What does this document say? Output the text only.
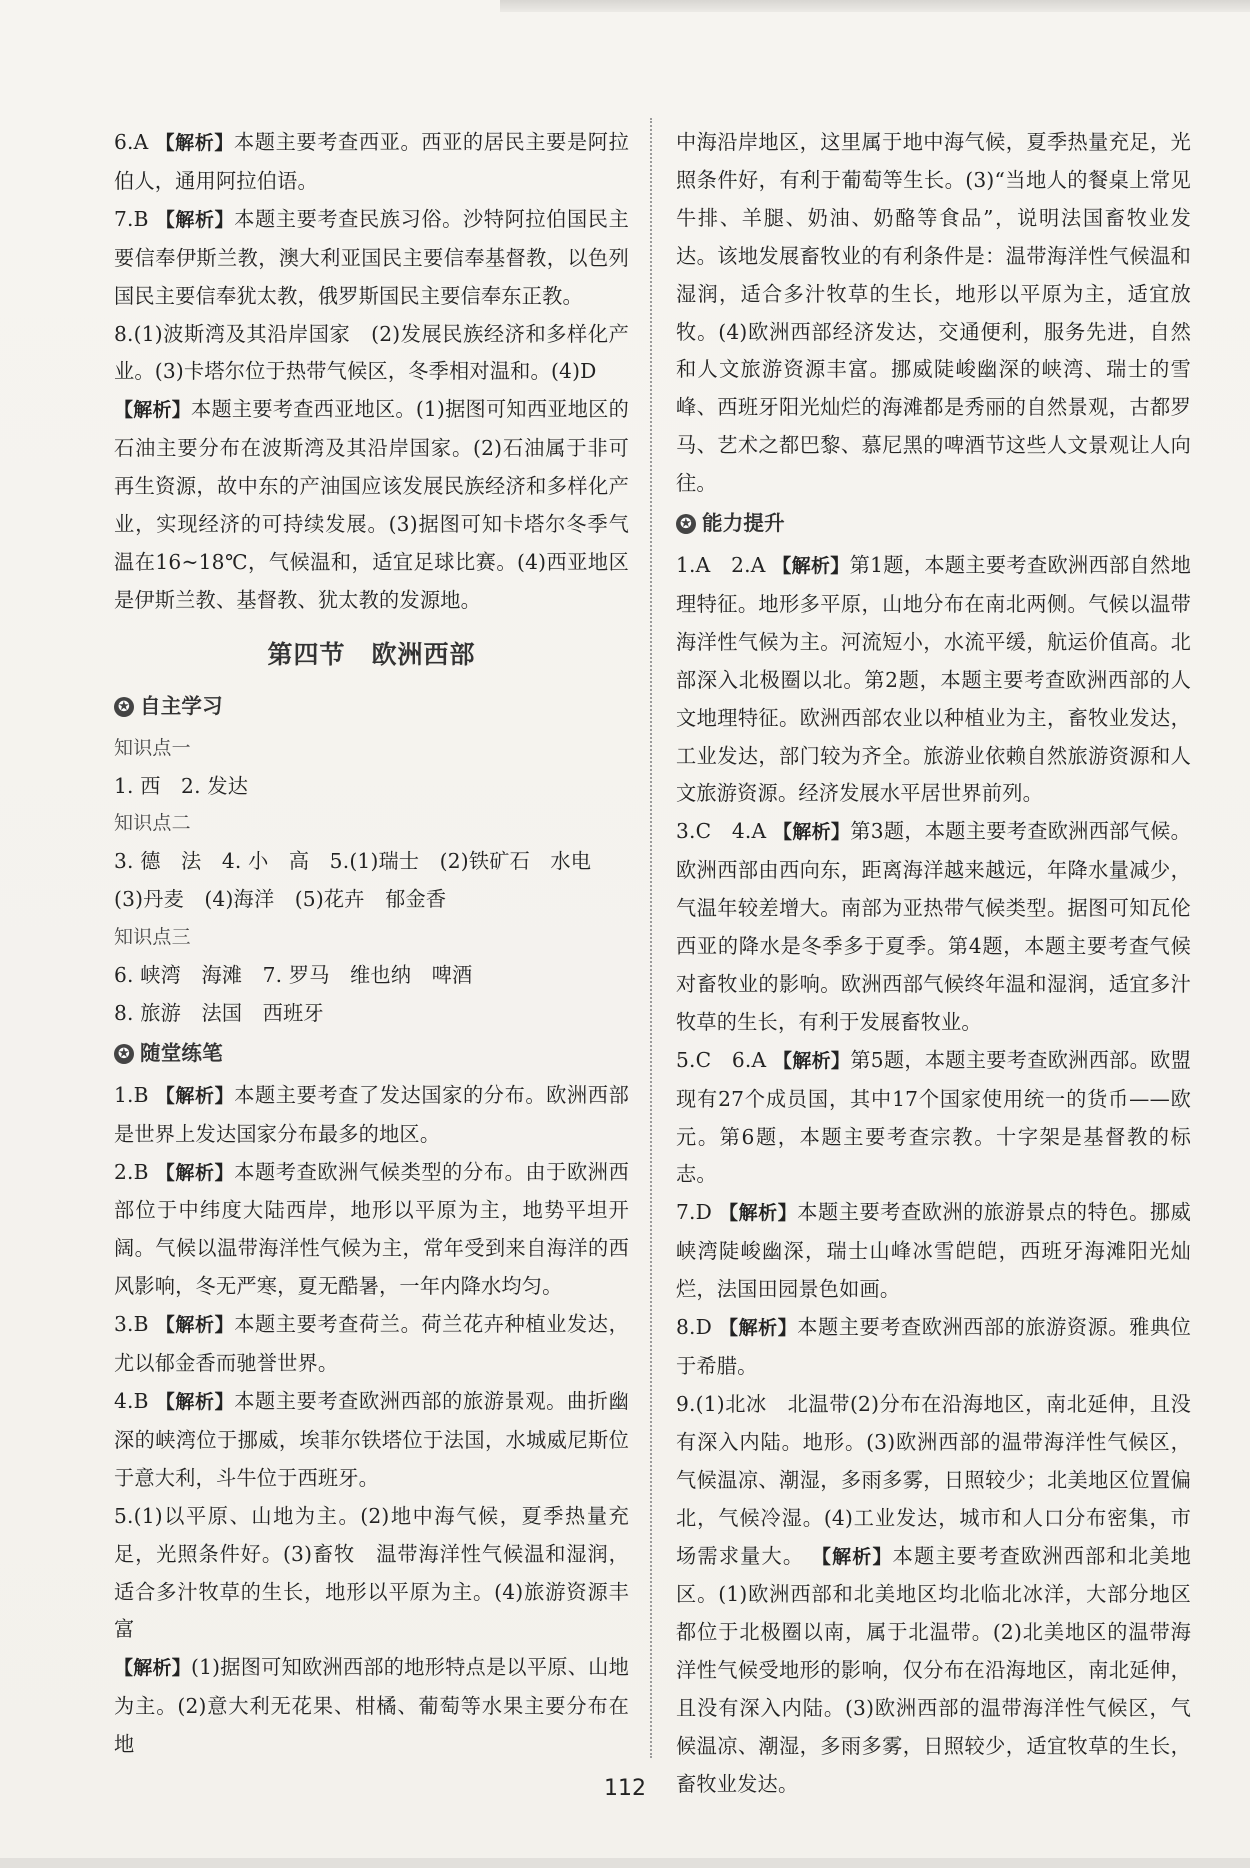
6.A 【解析】本题主要考查西亚。西亚的居民主要是阿拉伯人，通用阿拉伯语。

7.B 【解析】本题主要考查民族习俗。沙特阿拉伯国民主要信奉伊斯兰教，澳大利亚国民主要信奉基督教，以色列国民主要信奉犹太教，俄罗斯国民主要信奉东正教。

8.(1)波斯湾及其沿岸国家　(2)发展民族经济和多样化产业。(3)卡塔尔位于热带气候区，冬季相对温和。(4)D

【解析】本题主要考查西亚地区。(1)据图可知西亚地区的石油主要分布在波斯湾及其沿岸国家。(2)石油属于非可再生资源，故中东的产油国应该发展民族经济和多样化产业，实现经济的可持续发展。(3)据图可知卡塔尔冬季气温在16~18℃，气候温和，适宜足球比赛。(4)西亚地区是伊斯兰教、基督教、犹太教的发源地。

第四节　欧洲西部
✪ 自主学习

知识点一

1. 西　2. 发达

知识点二

3. 德　法　4. 小　高　5.(1)瑞士　(2)铁矿石　水电

(3)丹麦　(4)海洋　(5)花卉　郁金香

知识点三

6. 峡湾　海滩　7. 罗马　维也纳　啤酒

8. 旅游　法国　西班牙

✪ 随堂练笔

1.B 【解析】本题主要考查了发达国家的分布。欧洲西部是世界上发达国家分布最多的地区。

2.B 【解析】本题考查欧洲气候类型的分布。由于欧洲西部位于中纬度大陆西岸，地形以平原为主，地势平坦开阔。气候以温带海洋性气候为主，常年受到来自海洋的西风影响，冬无严寒，夏无酷暑，一年内降水均匀。

3.B 【解析】本题主要考查荷兰。荷兰花卉种植业发达，尤以郁金香而驰誉世界。

4.B 【解析】本题主要考查欧洲西部的旅游景观。曲折幽深的峡湾位于挪威，埃菲尔铁塔位于法国，水城威尼斯位于意大利，斗牛位于西班牙。

5.(1)以平原、山地为主。(2)地中海气候，夏季热量充足，光照条件好。(3)畜牧　温带海洋性气候温和湿润，适合多汁牧草的生长，地形以平原为主。(4)旅游资源丰富

【解析】(1)据图可知欧洲西部的地形特点是以平原、山地为主。(2)意大利无花果、柑橘、葡萄等水果主要分布在地

中海沿岸地区，这里属于地中海气候，夏季热量充足，光照条件好，有利于葡萄等生长。(3)“当地人的餐桌上常见牛排、羊腿、奶油、奶酪等食品”，说明法国畜牧业发达。该地发展畜牧业的有利条件是：温带海洋性气候温和湿润，适合多汁牧草的生长，地形以平原为主，适宜放牧。(4)欧洲西部经济发达，交通便利，服务先进，自然和人文旅游资源丰富。挪威陡峻幽深的峡湾、瑞士的雪峰、西班牙阳光灿烂的海滩都是秀丽的自然景观，古都罗马、艺术之都巴黎、慕尼黑的啤酒节这些人文景观让人向往。

✪ 能力提升

1.A　2.A 【解析】第1题，本题主要考查欧洲西部自然地理特征。地形多平原，山地分布在南北两侧。气候以温带海洋性气候为主。河流短小，水流平缓，航运价值高。北部深入北极圈以北。第2题，本题主要考查欧洲西部的人文地理特征。欧洲西部农业以种植业为主，畜牧业发达，工业发达，部门较为齐全。旅游业依赖自然旅游资源和人文旅游资源。经济发展水平居世界前列。

3.C　4.A 【解析】第3题，本题主要考查欧洲西部气候。欧洲西部由西向东，距离海洋越来越远，年降水量减少，气温年较差增大。南部为亚热带气候类型。据图可知瓦伦西亚的降水是冬季多于夏季。第4题，本题主要考查气候对畜牧业的影响。欧洲西部气候终年温和湿润，适宜多汁牧草的生长，有利于发展畜牧业。

5.C　6.A 【解析】第5题，本题主要考查欧洲西部。欧盟现有27个成员国，其中17个国家使用统一的货币——欧元。第6题，本题主要考查宗教。十字架是基督教的标志。

7.D 【解析】本题主要考查欧洲的旅游景点的特色。挪威峡湾陡峻幽深，瑞士山峰冰雪皑皑，西班牙海滩阳光灿烂，法国田园景色如画。

8.D 【解析】本题主要考查欧洲西部的旅游资源。雅典位于希腊。

9.(1)北冰　北温带(2)分布在沿海地区，南北延伸，且没有深入内陆。地形。(3)欧洲西部的温带海洋性气候区，气候温凉、潮湿，多雨多雾，日照较少；北美地区位置偏北，气候冷湿。(4)工业发达，城市和人口分布密集，市场需求量大。 【解析】本题主要考查欧洲西部和北美地区。(1)欧洲西部和北美地区均北临北冰洋，大部分地区都位于北极圈以南，属于北温带。(2)北美地区的温带海洋性气候受地形的影响，仅分布在沿海地区，南北延伸，且没有深入内陆。(3)欧洲西部的温带海洋性气候区，气候温凉、潮湿，多雨多雾，日照较少，适宜牧草的生长，畜牧业发达。

112
